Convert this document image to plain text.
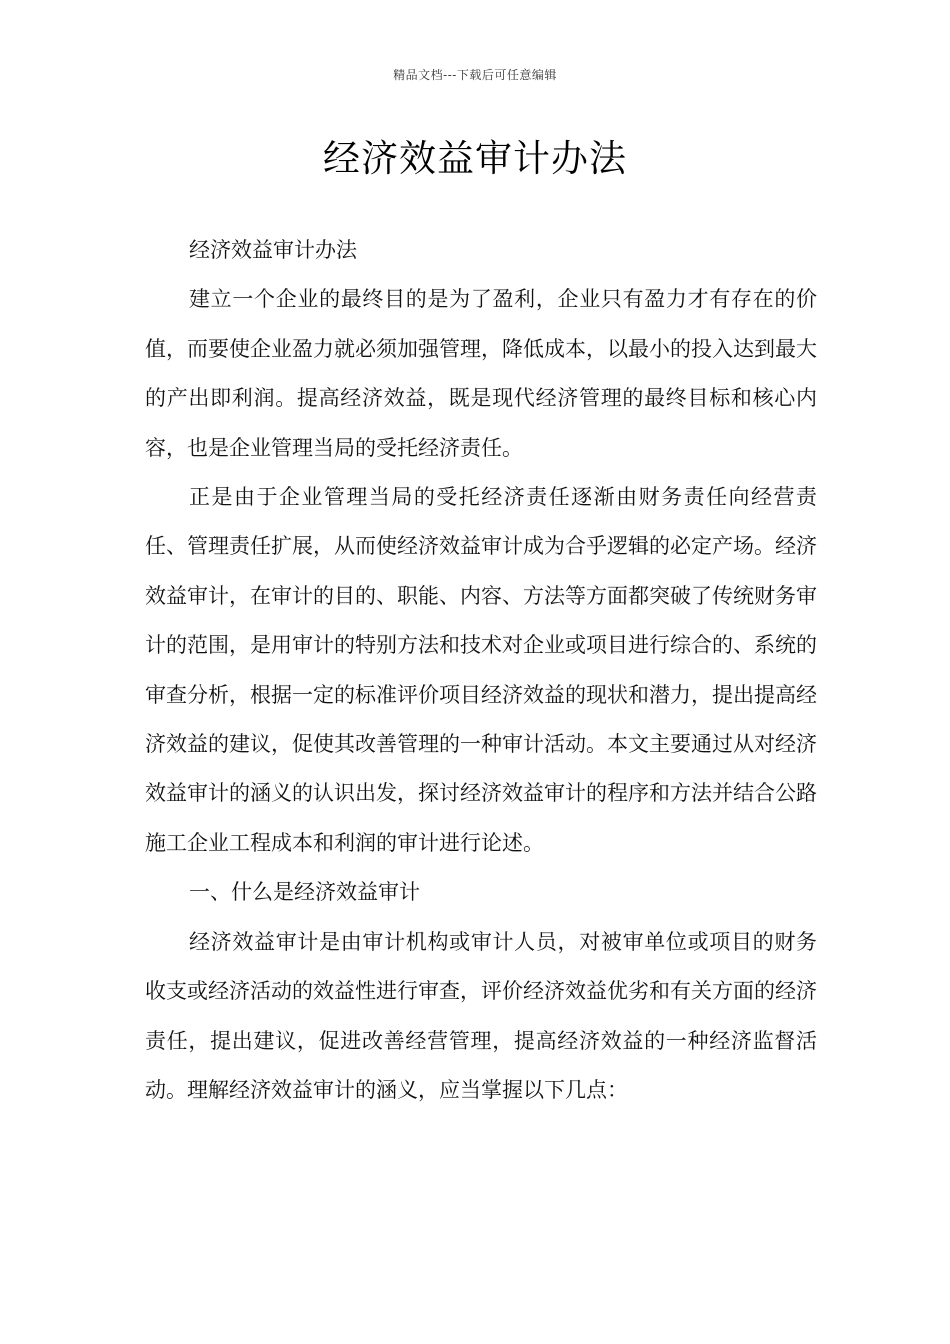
精品文档---下载后可任意编辑
经济效益审计办法

经济效益审计办法

建立一个企业的最终目的是为了盈利，企业只有盈力才有存在的价值，而要使企业盈力就必须加强管理，降低成本，以最小的投入达到最大的产出即利润。提高经济效益，既是现代经济管理的最终目标和核心内容，也是企业管理当局的受托经济责任。

正是由于企业管理当局的受托经济责任逐渐由财务责任向经营责任、管理责任扩展，从而使经济效益审计成为合乎逻辑的必定产场。经济效益审计，在审计的目的、职能、内容、方法等方面都突破了传统财务审计的范围，是用审计的特别方法和技术对企业或项目进行综合的、系统的审查分析，根据一定的标准评价项目经济效益的现状和潜力，提出提高经济效益的建议，促使其改善管理的一种审计活动。本文主要通过从对经济效益审计的涵义的认识出发，探讨经济效益审计的程序和方法并结合公路施工企业工程成本和利润的审计进行论述。

一、什么是经济效益审计

经济效益审计是由审计机构或审计人员，对被审单位或项目的财务收支或经济活动的效益性进行审查，评价经济效益优劣和有关方面的经济责任，提出建议，促进改善经营管理，提高经济效益的一种经济监督活动。理解经济效益审计的涵义，应当掌握以下几点：
